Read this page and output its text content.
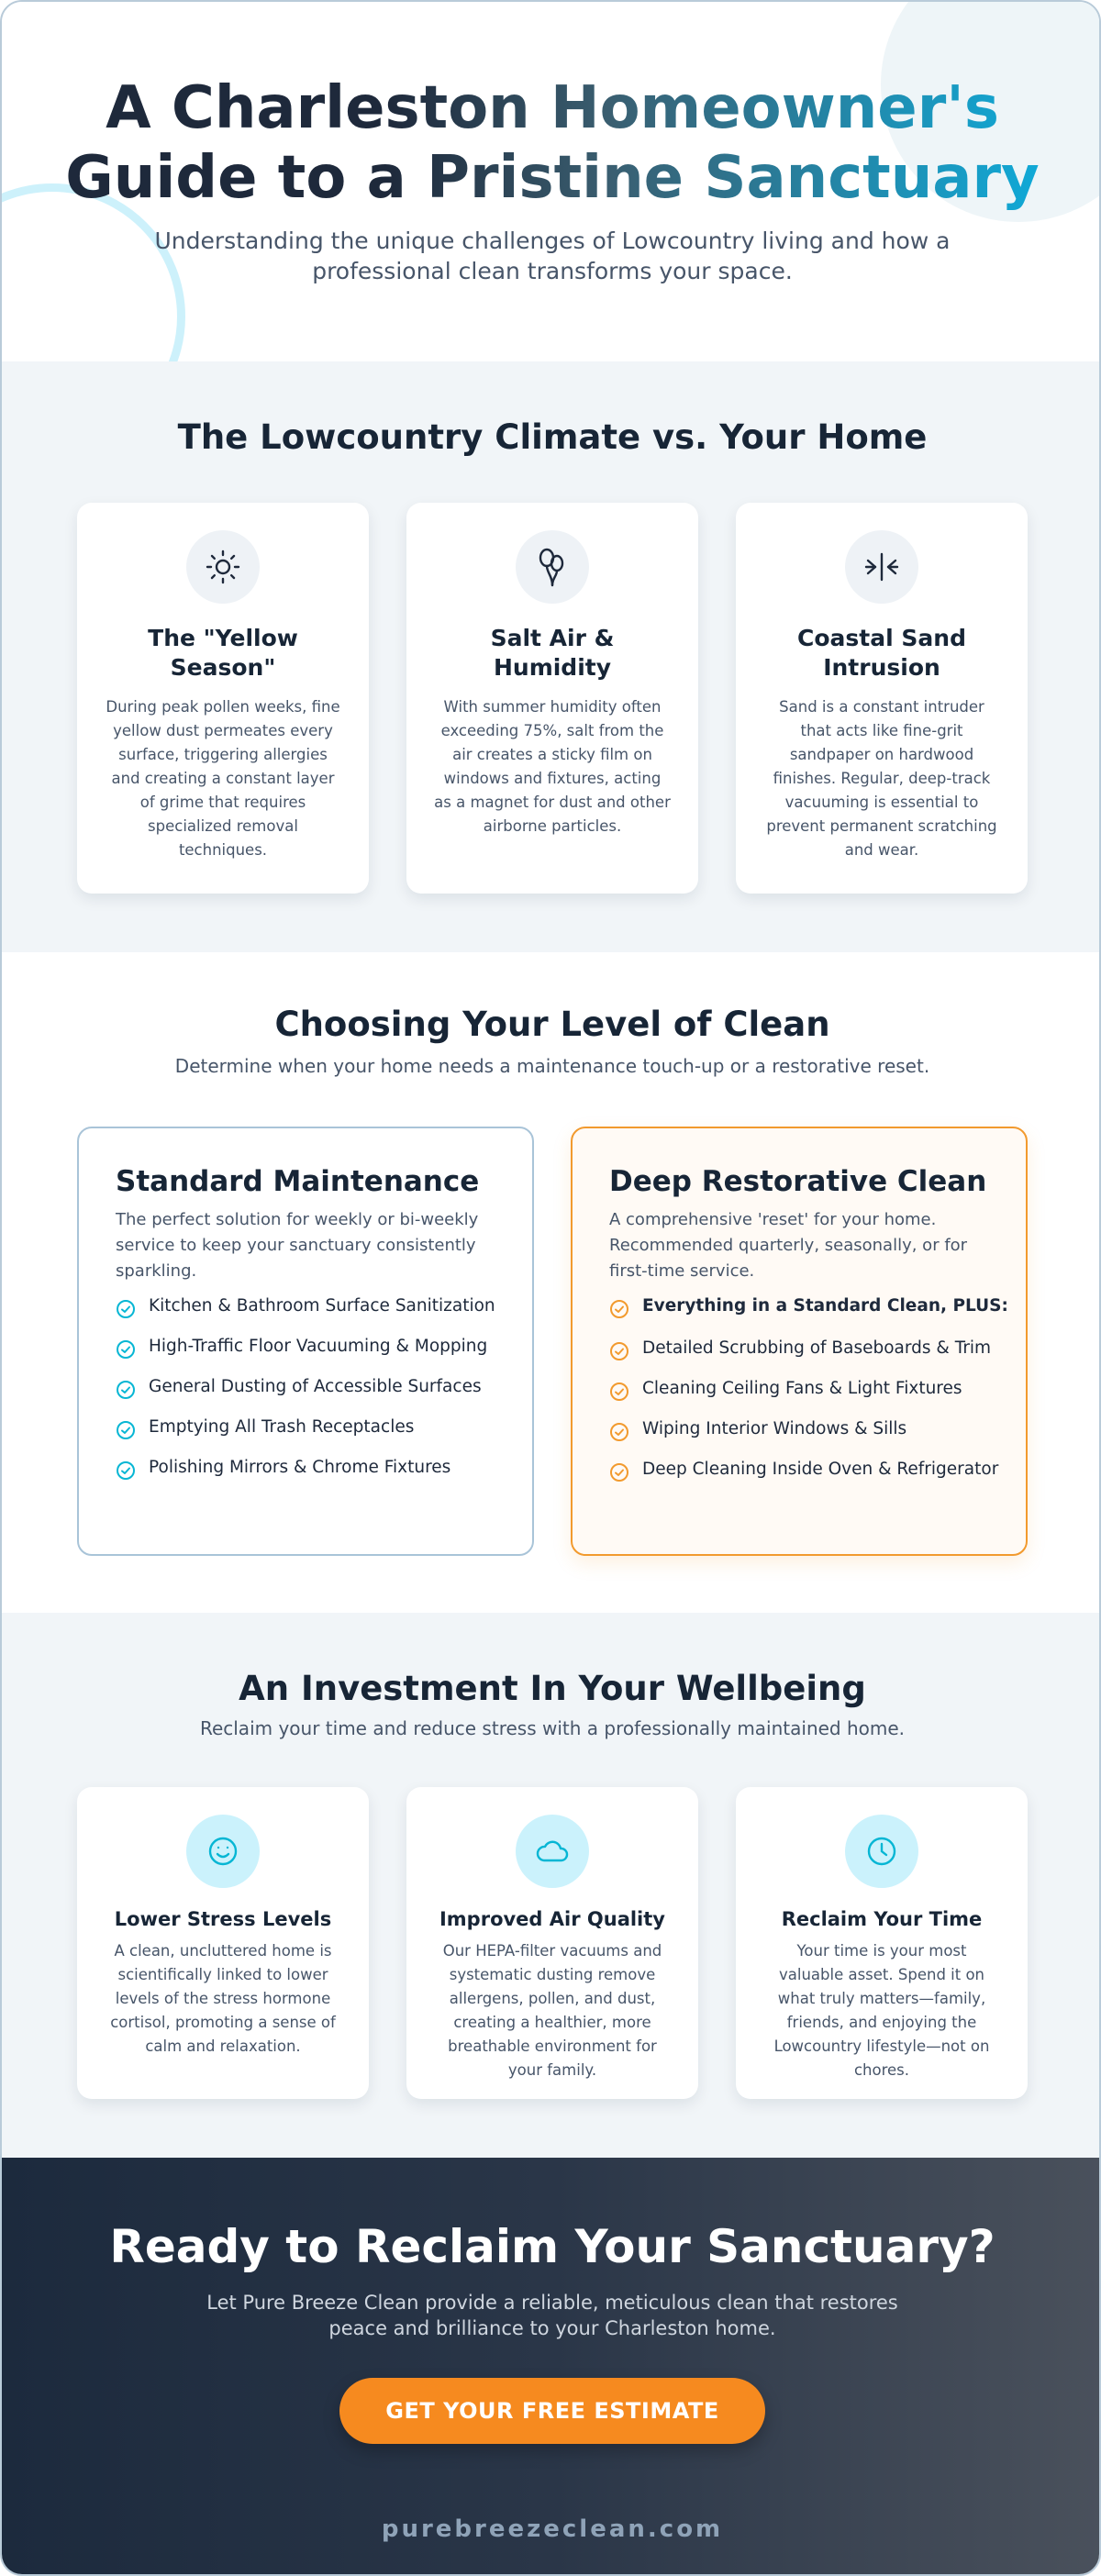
A Charleston Homeowner's
Guide to a Pristine Sanctuary

Understanding the unique challenges of Lowcountry living and how a professional clean transforms your space.

The Lowcountry Climate vs. Your Home
The "Yellow Season"

During peak pollen weeks, fine yellow dust permeates every surface, triggering allergies and creating a constant layer of grime that requires specialized removal techniques.

Salt Air & Humidity

With summer humidity often exceeding 75%, salt from the air creates a sticky film on windows and fixtures, acting as a magnet for dust and other airborne particles.

Coastal Sand Intrusion

Sand is a constant intruder that acts like fine-grit sandpaper on hardwood finishes. Regular, deep-track vacuuming is essential to prevent permanent scratching and wear.

Choosing Your Level of Clean

Determine when your home needs a maintenance touch-up or a restorative reset.

Standard Maintenance

The perfect solution for weekly or bi-weekly service to keep your sanctuary consistently sparkling.

Kitchen & Bathroom Surface Sanitization
High-Traffic Floor Vacuuming & Mopping
General Dusting of Accessible Surfaces
Emptying All Trash Receptacles
Polishing Mirrors & Chrome Fixtures
Deep Restorative Clean

A comprehensive 'reset' for your home. Recommended quarterly, seasonally, or for first-time service.

Everything in a Standard Clean, PLUS:
Detailed Scrubbing of Baseboards & Trim
Cleaning Ceiling Fans & Light Fixtures
Wiping Interior Windows & Sills
Deep Cleaning Inside Oven & Refrigerator
An Investment In Your Wellbeing

Reclaim your time and reduce stress with a professionally maintained home.

Lower Stress Levels

A clean, uncluttered home is scientifically linked to lower levels of the stress hormone cortisol, promoting a sense of calm and relaxation.

Improved Air Quality

Our HEPA-filter vacuums and systematic dusting remove allergens, pollen, and dust, creating a healthier, more breathable environment for your family.

Reclaim Your Time

Your time is your most valuable asset. Spend it on what truly matters—family, friends, and enjoying the Lowcountry lifestyle—not on chores.

Ready to Reclaim Your Sanctuary?

Let Pure Breeze Clean provide a reliable, meticulous clean that restores peace and brilliance to your Charleston home.

GET YOUR FREE ESTIMATE
purebreezeclean.com
